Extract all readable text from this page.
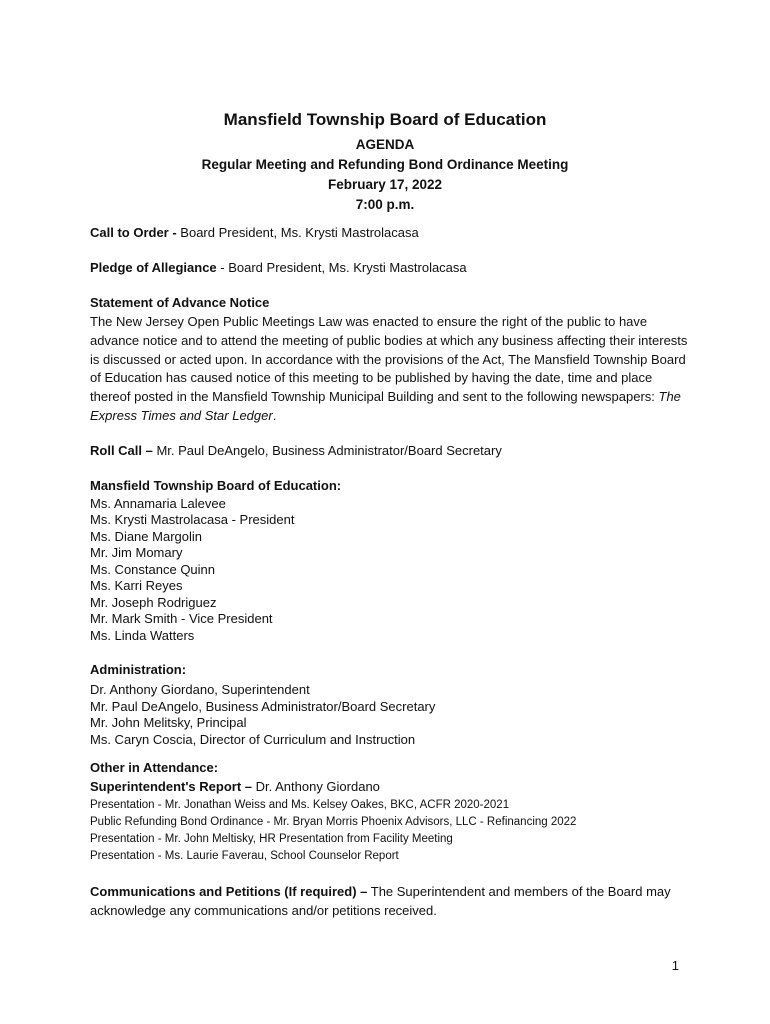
Mansfield Township Board of Education

AGENDA

Regular Meeting and Refunding Bond Ordinance Meeting

February 17, 2022

7:00 p.m.

Call to Order - Board President, Ms. Krysti Mastrolacasa

Pledge of Allegiance - Board President, Ms. Krysti Mastrolacasa

Statement of Advance Notice

The New Jersey Open Public Meetings Law was enacted to ensure the right of the public to have advance notice and to attend the meeting of public bodies at which any business affecting their interests is discussed or acted upon. In accordance with the provisions of the Act, The Mansfield Township Board of Education has caused notice of this meeting to be published by having the date, time and place thereof posted in the Mansfield Township Municipal Building and sent to the following newspapers: The Express Times and Star Ledger.

Roll Call – Mr. Paul DeAngelo, Business Administrator/Board Secretary

Mansfield Township Board of Education:

Ms. Annamaria Lalevee
Ms. Krysti Mastrolacasa - President
Ms. Diane Margolin
Mr. Jim Momary
Ms. Constance Quinn
Ms. Karri Reyes
Mr. Joseph Rodriguez
Mr. Mark Smith - Vice President
Ms. Linda Watters

Administration:

Dr. Anthony Giordano, Superintendent
Mr. Paul DeAngelo, Business Administrator/Board Secretary
Mr. John Melitsky, Principal
Ms. Caryn Coscia, Director of Curriculum and Instruction

Other in Attendance:

Superintendent's Report – Dr. Anthony Giordano

Presentation - Mr. Jonathan Weiss and Ms. Kelsey Oakes, BKC, ACFR 2020-2021
Public Refunding Bond Ordinance - Mr. Bryan Morris Phoenix Advisors, LLC - Refinancing 2022
Presentation - Mr. John Meltisky, HR Presentation from Facility Meeting
Presentation - Ms. Laurie Faverau, School Counselor Report

Communications and Petitions (If required) – The Superintendent and members of the Board may acknowledge any communications and/or petitions received.

1
